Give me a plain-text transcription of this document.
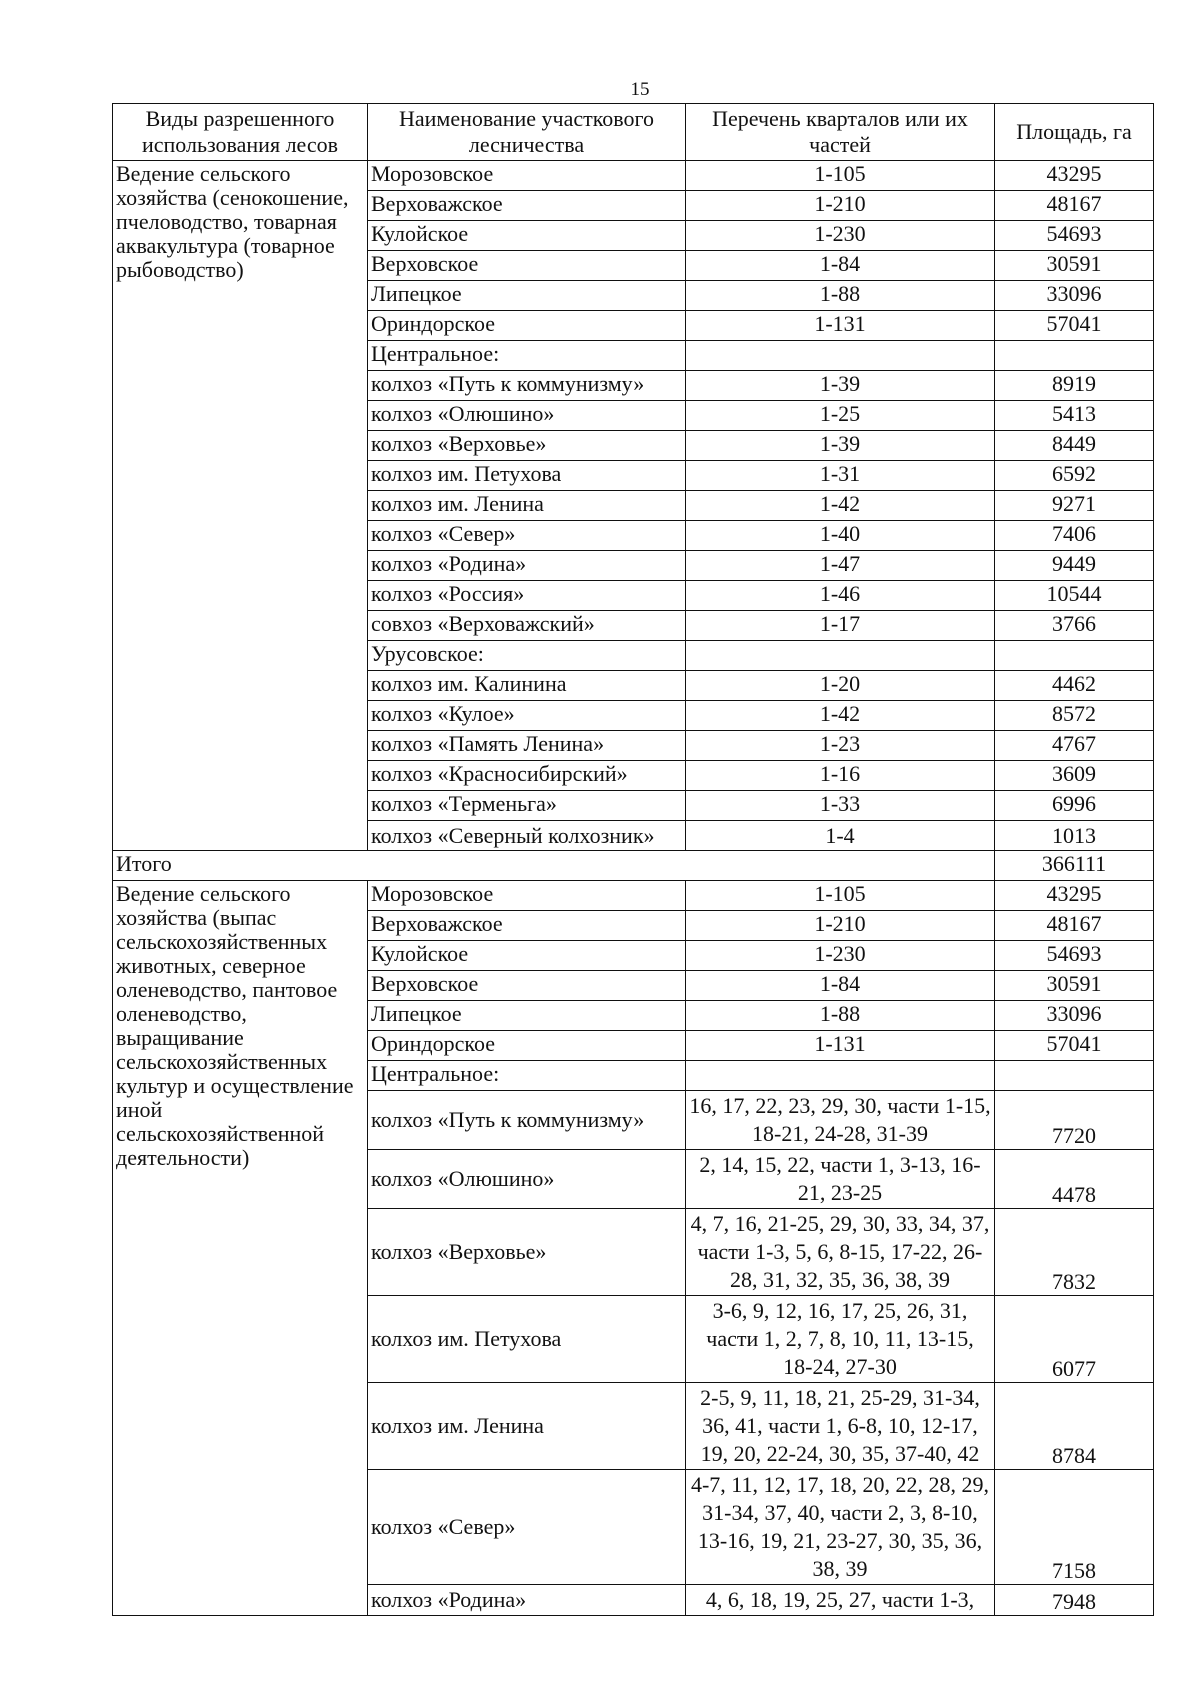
15
Виды разрешенного использования лесов	Наименование участкового лесничества	Перечень кварталов или их частей	Площадь, га
Ведение сельского хозяйства (сенокошение, пчеловодство, товарная аквакультура (товарное рыбоводство)	Морозовское	1-105	43295
	Верховажское	1-210	48167
	Кулойское	1-230	54693
	Верховское	1-84	30591
	Липецкое	1-88	33096
	Ориндорское	1-131	57041
	Центральное:		
	колхоз «Путь к коммунизму»	1-39	8919
	колхоз «Олюшино»	1-25	5413
	колхоз «Верховье»	1-39	8449
	колхоз им. Петухова	1-31	6592
	колхоз им. Ленина	1-42	9271
	колхоз «Север»	1-40	7406
	колхоз «Родина»	1-47	9449
	колхоз «Россия»	1-46	10544
	совхоз «Верховажский»	1-17	3766
	Урусовское:		
	колхоз им. Калинина	1-20	4462
	колхоз «Кулое»	1-42	8572
	колхоз «Память Ленина»	1-23	4767
	колхоз «Красносибирский»	1-16	3609
	колхоз «Терменьга»	1-33	6996
	колхоз «Северный колхозник»	1-4	1013
Итого			366111
Ведение сельского хозяйства (выпас сельскохозяйственных животных, северное оленеводство, пантовое оленеводство, выращивание сельскохозяйственных культур и осуществление иной сельскохозяйственной деятельности)	Морозовское	1-105	43295
	Верховажское	1-210	48167
	Кулойское	1-230	54693
	Верховское	1-84	30591
	Липецкое	1-88	33096
	Ориндорское	1-131	57041
	Центральное:		
	колхоз «Путь к коммунизму»	16, 17, 22, 23, 29, 30, части 1-15, 18-21, 24-28, 31-39	7720
	колхоз «Олюшино»	2, 14, 15, 22, части 1, 3-13, 16-21, 23-25	4478
	колхоз «Верховье»	4, 7, 16, 21-25, 29, 30, 33, 34, 37, части 1-3, 5, 6, 8-15, 17-22, 26-28, 31, 32, 35, 36, 38, 39	7832
	колхоз им. Петухова	3-6, 9, 12, 16, 17, 25, 26, 31, части 1, 2, 7, 8, 10, 11, 13-15, 18-24, 27-30	6077
	колхоз им. Ленина	2-5, 9, 11, 18, 21, 25-29, 31-34, 36, 41, части 1, 6-8, 10, 12-17, 19, 20, 22-24, 30, 35, 37-40, 42	8784
	колхоз «Север»	4-7, 11, 12, 17, 18, 20, 22, 28, 29, 31-34, 37, 40, части 2, 3, 8-10, 13-16, 19, 21, 23-27, 30, 35, 36, 38, 39	7158
	колхоз «Родина»	4, 6, 18, 19, 25, 27, части 1-3,	7948
